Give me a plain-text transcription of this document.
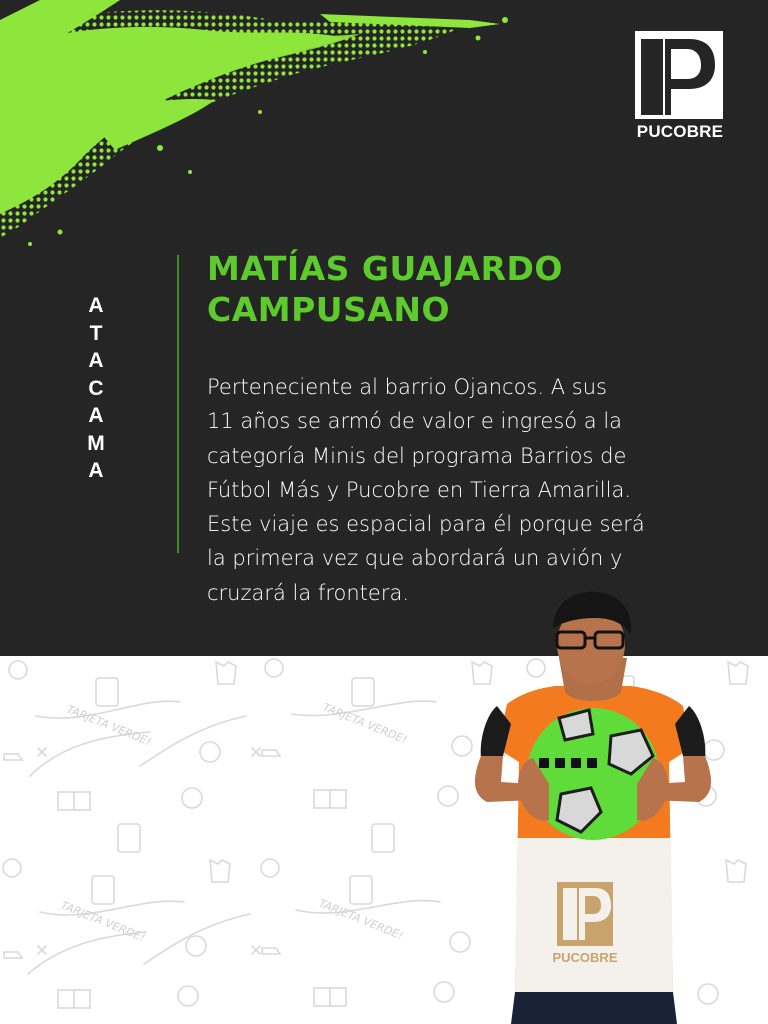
PUCOBRE
A
T
A
C
A
M
A
MATÍAS GUAJARDO
CAMPUSANO

Perteneciente al barrio Ojancos. A sus
11 años se armó de valor e ingresó a la
categoría Minis del programa Barrios de
Fútbol Más y Pucobre en Tierra Amarilla.
Este viaje es espacial para él porque será
la primera vez que abordará un avión y
cruzará la frontera.

TARJETA VERDE!	TARJETA VERDE!
TARJETA VERDE!	TARJETA VERDE!
PUCOBRE
